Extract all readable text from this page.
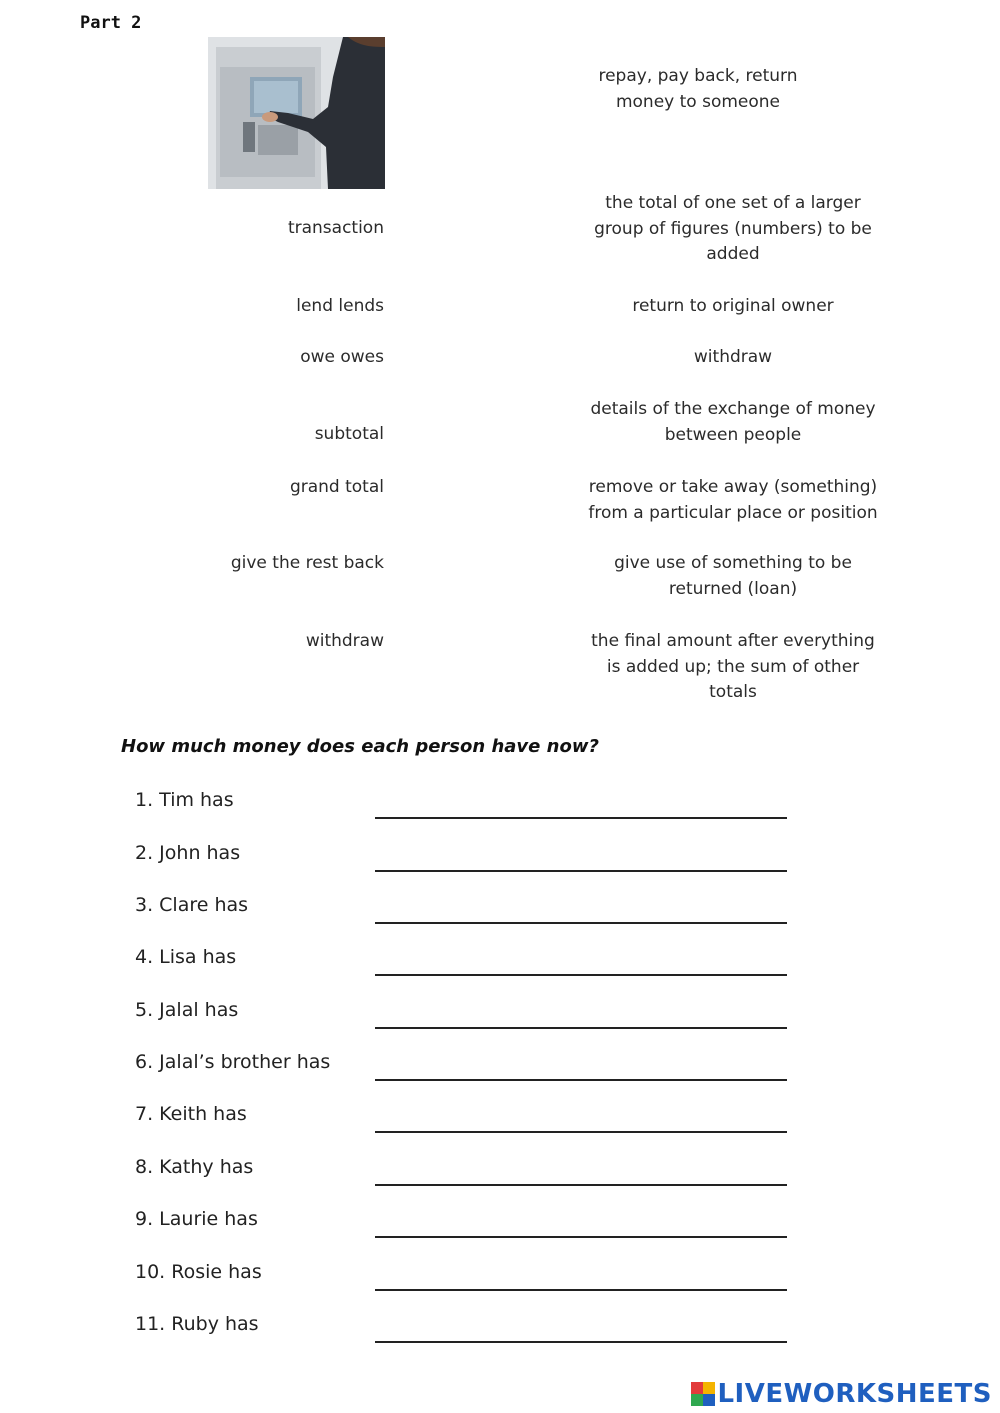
Part 2
transaction
lend lends
owe owes
subtotal
grand total
give the rest back
withdraw
repay, pay back, return money to someone
the total of one set of a larger group of figures (numbers) to be added
return to original owner
withdraw
details of the exchange of money between people
remove or take away (something) from a particular place or position
give use of something to be returned (loan)
the final amount after everything is added up; the sum of other totals
How much money does each person have now?
1. Tim has
2. John has
3. Clare has
4. Lisa has
5. Jalal has
6. Jalal’s brother has
7. Keith has
8. Kathy has
9. Laurie has
10. Rosie has
11. Ruby has
LIVEWORKSHEETS
